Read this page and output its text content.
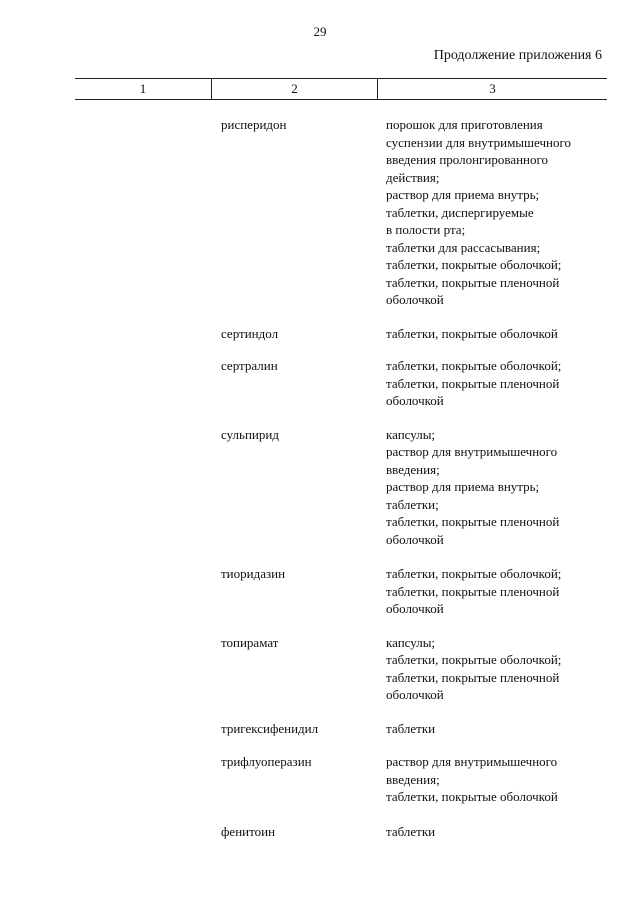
29
Продолжение приложения 6
1	2	3
рисперидон	порошок для приготовления
суспензии для внутримышечного
введения пролонгированного
действия;
раствор для приема внутрь;
таблетки, диспергируемые
в полости рта;
таблетки для рассасывания;
таблетки, покрытые оболочкой;
таблетки, покрытые пленочной
оболочкой
сертиндол	таблетки, покрытые оболочкой
сертралин	таблетки, покрытые оболочкой;
таблетки, покрытые пленочной
оболочкой
сульпирид	капсулы;
раствор для внутримышечного
введения;
раствор для приема внутрь;
таблетки;
таблетки, покрытые пленочной
оболочкой
тиоридазин	таблетки, покрытые оболочкой;
таблетки, покрытые пленочной
оболочкой
топирамат	капсулы;
таблетки, покрытые оболочкой;
таблетки, покрытые пленочной
оболочкой
тригексифенидил	таблетки
трифлуоперазин	раствор для внутримышечного
введения;
таблетки, покрытые оболочкой
фенитоин	таблетки
